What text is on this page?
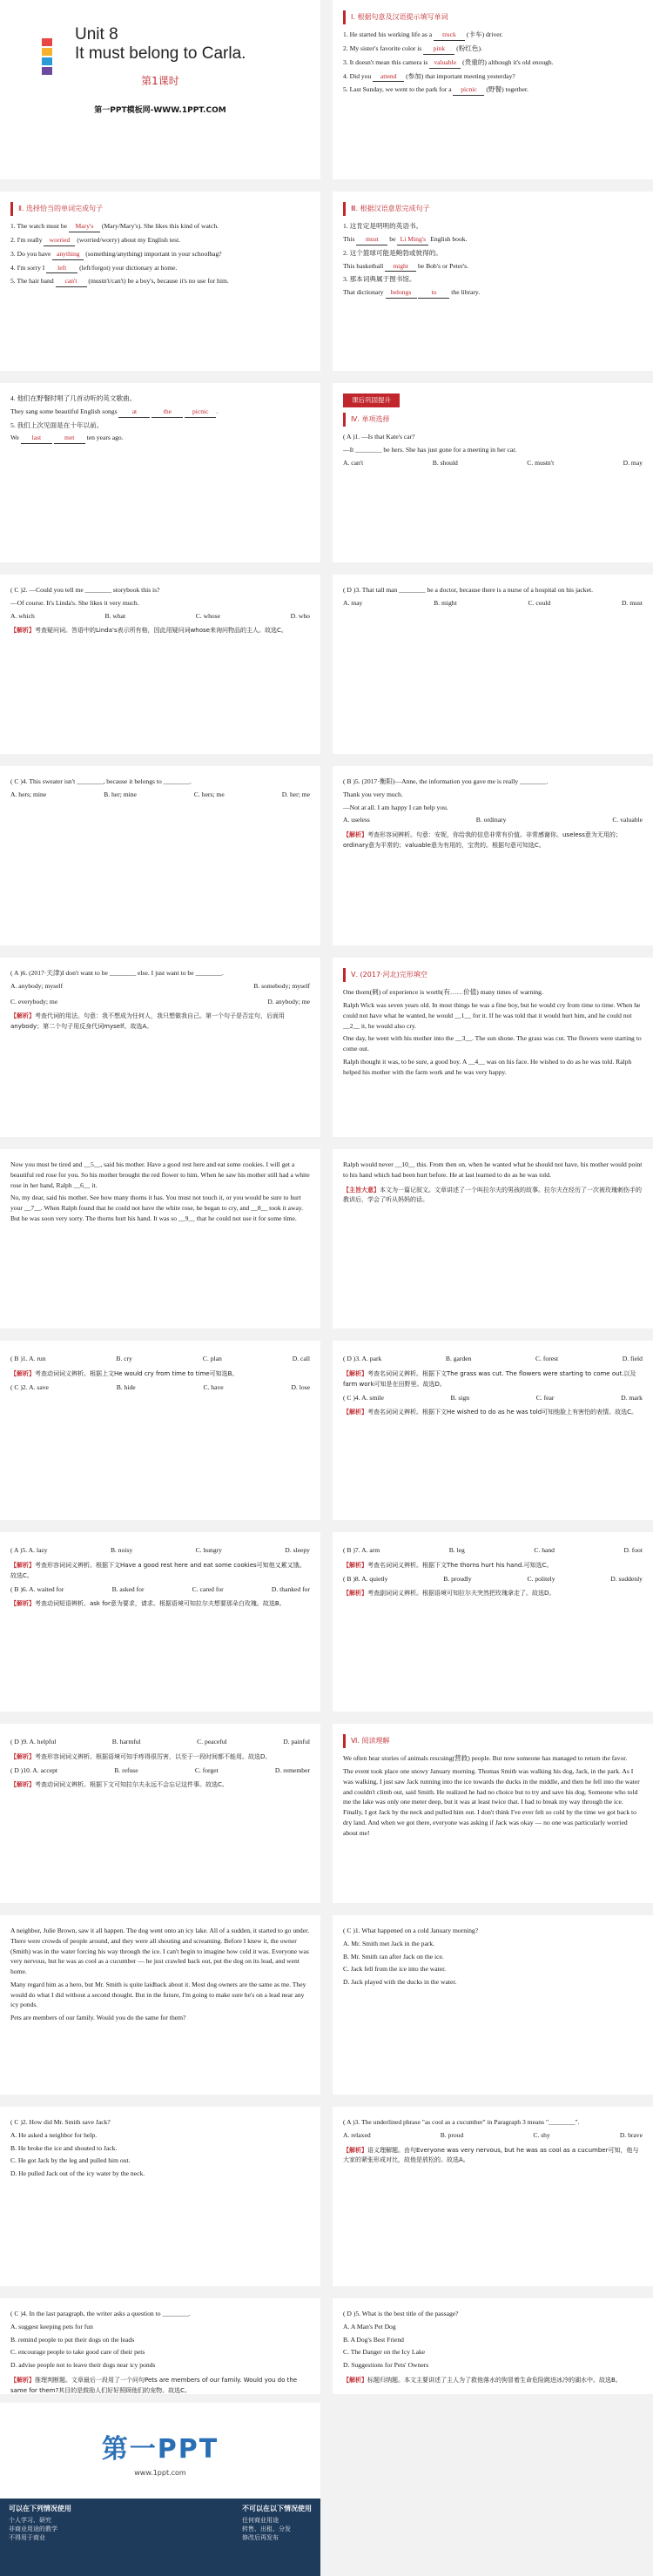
Unit 8
It must belong to Carla.
第1课时
第一PPT模板网-WWW.1PPT.COM
Ⅰ. 根据句意及汉语提示填写单词
1. He started his working life as a truck (卡车) driver.
2. My sister's favorite color is pink (粉红色).
3. It doesn't mean this camera is valuable (贵重的) although it's old enough.
4. Did you attend (参加) that important meeting yesterday?
5. Last Sunday, we went to the park for a picnic (野餐) together.
Ⅱ. 选择恰当的单词完成句子
1. The watch must be Mary's (Mary/Mary's). She likes this kind of watch.
2. I'm really worried (worried/worry) about my English test.
3. Do you have anything (something/anything) important in your schoolbag?
4. I'm sorry I left (left/forgot) your dictionary at home.
5. The hair band can't (mustn't/can't) be a boy's, because it's no use for him.
Ⅲ. 根据汉语意思完成句子
1. 这肯定是明明的英语书。
This must be Li Ming's English book.
2. 这个篮球可能是鲍勃或彼得的。
This basketball might be Bob's or Peter's.
3. 那本词典属于图书馆。
That dictionary belongs	to the library.
4. 他们在野餐时唱了几首动听的英文歌曲。
They sang some beautiful English songs at	the	picnic .
5. 我们上次见面是在十年以前。
We last	met ten years ago.
课后巩固提升
Ⅳ. 单项选择
( A )1. —Is that Kate's car?
—It ________ be hers. She has just gone for a meeting in her car.
A. can't	B. should	C. mustn't	D. may
( C )2. —Could you tell me ________ storybook this is?
—Of course. It's Linda's. She likes it very much.
A. which	B. what	C. whose	D. who
【解析】考查疑问词。答语中的Linda's表示所有格，因此用疑问词whose来询问物品的主人。故选C。
( D )3. That tall man ________ be a doctor, because there is a nurse of a hospital on his jacket.
A. may	B. might	C. could	D. must
( C )4. This sweater isn't ________, because it belongs to ________.
A. hers; mine	B. her; mine	C. hers; me	D. her; me
( B )5. (2017·衡阳)—Anne, the information you gave me is really ________.
Thank you very much.
—Not at all. I am happy I can help you.
A. useless	B. ordinary	C. valuable
【解析】考查形容词辨析。句意：安妮，你给我的信息非常有价值。非常感谢你。useless意为无用的；ordinary意为平常的；valuable意为有用的，宝贵的。根据句意可知选C。
( A )6. (2017·天津)I don't want to be ________ else. I just want to be ________.
A. anybody; myself	B. somebody; myself
C. everybody; me	D. anybody; me
【解析】考查代词的用法。句意：我不想成为任何人，我只想做我自己。第一个句子是否定句，后面用anybody；第二个句子用反身代词myself。故选A。
Ⅴ. (2017·河北)完形填空
One thorn(刺) of experience is worth(有……价值) many times of warning.
Ralph Wick was seven years old. In most things he was a fine boy, but he would cry from time to time. When he could not have what he wanted, he would __1__ for it. If he was told that it would hurt him, and he could not __2__ it, he would also cry.
One day, he went with his mother into the __3__. The sun shone. The grass was cut. The flowers were starting to come out.
Ralph thought it was, to be sure, a good boy. A __4__ was on his face. He wished to do as he was told. Ralph helped his mother with the farm work and he was very happy.
Now you must be tired and __5__, said his mother. Have a good rest here and eat some cookies. I will get a beautiful red rose for you. So his mother brought the red flower to him. When he saw his mother still had a white rose in her hand, Ralph __6__ it.
No, my dear, said his mother. See how many thorns it has. You must not touch it, or you would be sure to hurt your __7__. When Ralph found that he could not have the white rose, he began to cry, and __8__ took it away. But he was soon very sorry. The thorns hurt his hand. It was so __9__ that he could not use it for some time.
Ralph would never __10__ this. From then on, when he wanted what he should not have, his mother would point to his hand which had been hurt before. He at last learned to do as he was told.
【主旨大意】本文为一篇记叙文。文章讲述了一个叫拉尔夫的男孩的故事。拉尔夫在经历了一次被玫瑰刺伤手的教训后，学会了听从妈妈的话。
( B )1. A. run	B. cry	C. plan	D. call
【解析】考查动词词义辨析。根据上文He would cry from time to time可知选B。
( C )2. A. save	B. hide	C. have	D. lose
( D )3. A. park	B. garden	C. forest	D. field
【解析】考查名词词义辨析。根据下文The grass was cut. The flowers were starting to come out.以及farm work可知是在田野里。故选D。
( C )4. A. smile	B. sign	C. fear	D. mark
【解析】考查名词词义辨析。根据下文He wished to do as he was told可知他脸上有害怕的表情。故选C。
( A )5. A. lazy	B. noisy	C. hungry	D. sleepy
【解析】考查形容词词义辨析。根据下文Have a good rest here and eat some cookies可知他又累又饿。故选C。
( B )6. A. waited for	B. asked for	C. cared for	D. thanked for
【解析】考查动词短语辨析。ask for意为要求，请求。根据语境可知拉尔夫想要那朵白玫瑰。故选B。
( B )7. A. arm	B. leg	C. hand	D. foot
【解析】考查名词词义辨析。根据下文The thorns hurt his hand.可知选C。
( B )8. A. quietly	B. proudly	C. politely	D. suddenly
【解析】考查副词词义辨析。根据语境可知拉尔夫突然把玫瑰拿走了。故选D。
( D )9. A. helpful	B. harmful	C. peaceful	D. painful
【解析】考查形容词词义辨析。根据语境可知手疼得很厉害，以至于一段时间都不能用。故选D。
( D )10. A. accept	B. refuse	C. forget	D. remember
【解析】考查动词词义辨析。根据下文可知拉尔夫永远不会忘记这件事。故选C。
Ⅵ. 阅读理解
We often hear stories of animals rescuing(营救) people. But now someone has managed to return the favor.
The event took place one snowy January morning. Thomas Smith was walking his dog, Jack, in the park. As I was walking, I just saw Jack running into the ice towards the ducks in the middle, and then he fell into the water and couldn't climb out, said Smith. He realized he had no choice but to try and save his dog. Someone who told me the lake was only one meter deep, but it was at least twice that. I had to break my way through the ice. Finally, I got Jack by the neck and pulled him out. I don't think I've ever felt so cold by the time we got back to dry land. And when we got there, everyone was asking if Jack was okay — no one was particularly worried about me!
A neighbor, Julie Brown, saw it all happen. The dog went onto an icy lake. All of a sudden, it started to go under. There were crowds of people around, and they were all shouting and screaming. Before I knew it, the owner (Smith) was in the water forcing his way through the ice. I can't begin to imagine how cold it was. Everyone was very nervous, but he was as cool as a cucumber — he just crawled back out, put the dog on its lead, and went home.
Many regard him as a hero, but Mr. Smith is quite laidback about it. Most dog owners are the same as me. They would do what I did without a second thought. But in the future, I'm going to make sure he's on a lead near any icy ponds.
Pets are members of our family. Would you do the same for them?
( C )1. What happened on a cold January morning?
A. Mr. Smith met Jack in the park.
B. Mr. Smith ran after Jack on the ice.
C. Jack fell from the ice into the water.
D. Jack played with the ducks in the water.
( C )2. How did Mr. Smith save Jack?
A. He asked a neighbor for help.
B. He broke the ice and shouted to Jack.
C. He got Jack by the leg and pulled him out.
D. He pulled Jack out of the icy water by the neck.
( A )3. The underlined phrase "as cool as a cucumber" in Paragraph 3 means "________".
A. relaxed	B. proud	C. shy	D. brave
【解析】语义理解题。由句Everyone was very nervous, but he was as cool as a cucumber可知，他与大家的紧张形成对比，故他是放松的。故选A。
( C )4. In the last paragraph, the writer asks a question to ________.
A. suggest keeping pets for fun
B. remind people to put their dogs on the leads
C. encourage people to take good care of their pets
D. advise people not to leave their dogs near icy ponds
【解析】推理判断题。文章最后一段用了一个问句Pets are members of our family. Would you do the same for them?其目的是鼓励人们好好照顾他们的宠物。故选C。
( D )5. What is the best title of the passage?
A. A Man's Pet Dog
B. A Dog's Best Friend
C. The Danger on the Icy Lake
D. Suggestions for Pets' Owners
【解析】标题归纳题。本文主要讲述了主人为了救他落水的狗冒着生命危险跳进冰冷的湖水中。故选B。
第一PPT
www.1ppt.com
可以在下列情况使用
个人学习、研究
非商业用途的教学
不得用于商业
不可以在以下情况使用
任何商业用途
转售、出租、分发
修改后再发布
